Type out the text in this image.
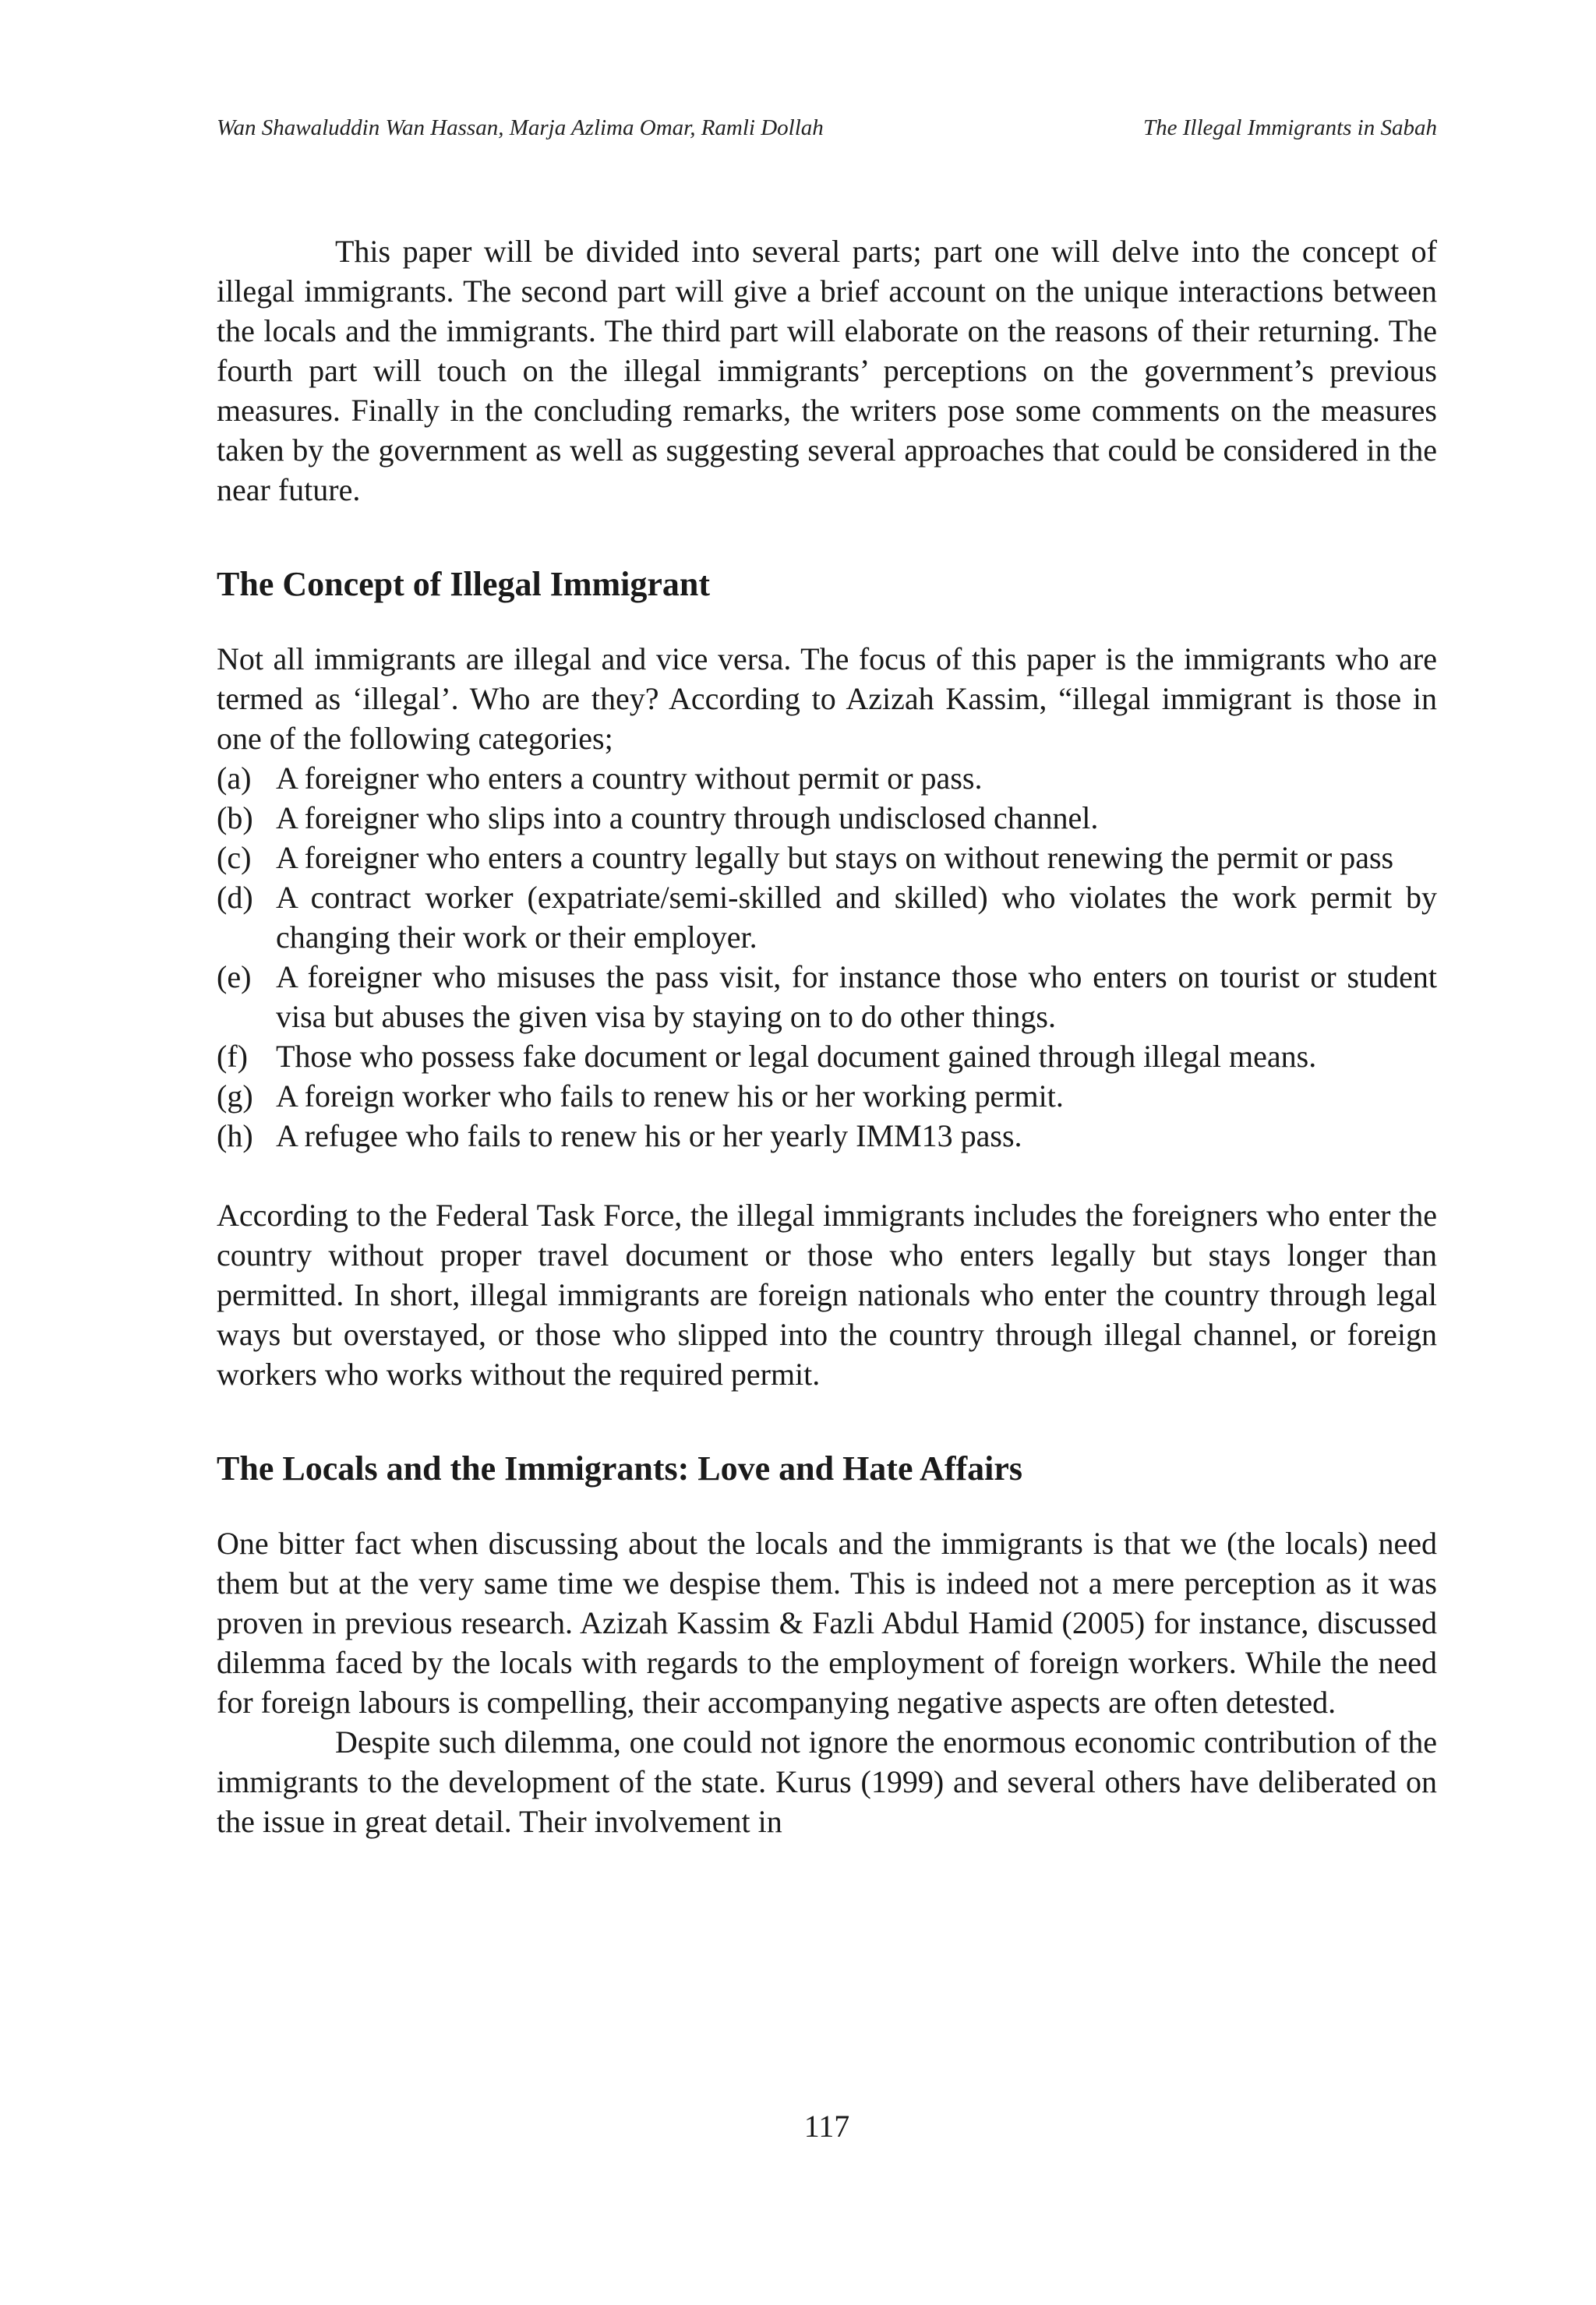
Wan Shawaluddin Wan Hassan, Marja Azlima Omar, Ramli Dollah	The Illegal Immigrants in Sabah

This paper will be divided into several parts; part one will delve into the concept of illegal immigrants. The second part will give a brief account on the unique interactions between the locals and the immigrants. The third part will elaborate on the reasons of their returning. The fourth part will touch on the illegal immigrants’ perceptions on the government’s previous measures. Finally in the concluding remarks, the writers pose some comments on the measures taken by the government as well as suggesting several approaches that could be considered in the near future.

The Concept of Illegal Immigrant

Not all immigrants are illegal and vice versa. The focus of this paper is the immigrants who are termed as ‘illegal’. Who are they? According to Azizah Kassim, “illegal immigrant is those in one of the following categories;

(a) A foreigner who enters a country without permit or pass.
(b) A foreigner who slips into a country through undisclosed channel.
(c) A foreigner who enters a country legally but stays on without renewing the permit or pass
(d) A contract worker (expatriate/semi-skilled and skilled) who violates the work permit by changing their work or their employer.
(e) A foreigner who misuses the pass visit, for instance those who enters on tourist or student visa but abuses the given visa by staying on to do other things.
(f) Those who possess fake document or legal document gained through illegal means.
(g) A foreign worker who fails to renew his or her working permit.
(h) A refugee who fails to renew his or her yearly IMM13 pass.

According to the Federal Task Force, the illegal immigrants includes the foreigners who enter the country without proper travel document or those who enters legally but stays longer than permitted. In short, illegal immigrants are foreign nationals who enter the country through legal ways but overstayed, or those who slipped into the country through illegal channel, or foreign workers who works without the required permit.

The Locals and the Immigrants: Love and Hate Affairs

One bitter fact when discussing about the locals and the immigrants is that we (the locals) need them but at the very same time we despise them. This is indeed not a mere perception as it was proven in previous research. Azizah Kassim & Fazli Abdul Hamid (2005) for instance, discussed dilemma faced by the locals with regards to the employment of foreign workers. While the need for foreign labours is compelling, their accompanying negative aspects are often detested.

Despite such dilemma, one could not ignore the enormous economic contribution of the immigrants to the development of the state. Kurus (1999) and several others have deliberated on the issue in great detail. Their involvement in

117
